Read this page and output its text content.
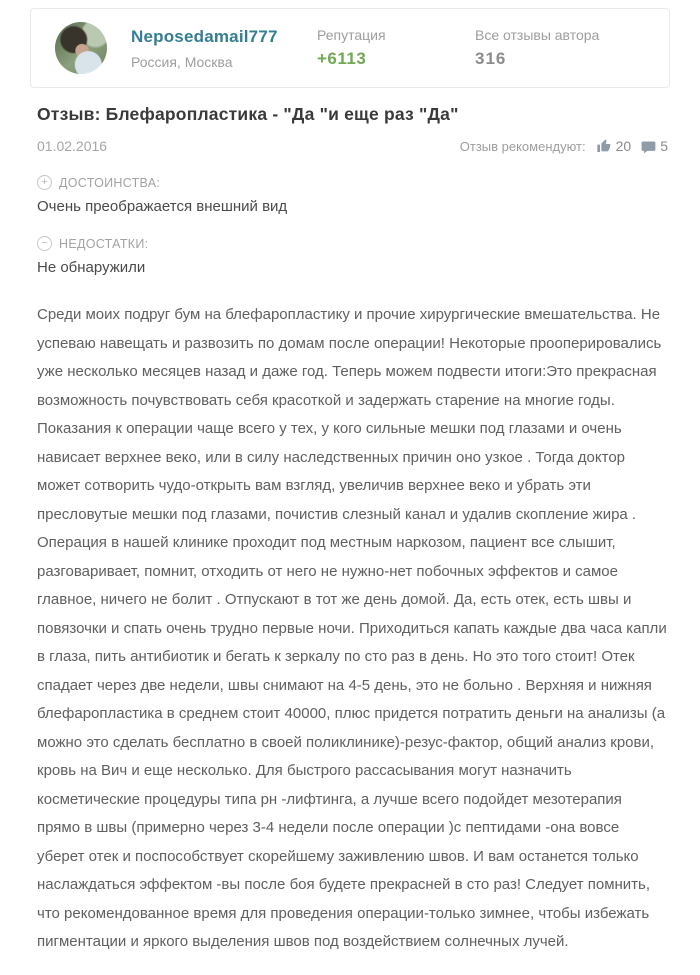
Neposedamail777
Россия, Москва
Репутация
+6113
Все отзывы автора
316
Отзыв: Блефаропластика - "Да "и еще раз "Да"
01.02.2016	Отзыв рекомендуют: 20 5
+ ДОСТОИНСТВА:
Очень преображается внешний вид
− НЕДОСТАТКИ:
Не обнаружили
Среди моих подруг бум на блефаропластику и прочие хирургические вмешательства. Не успеваю навещать и развозить по домам после операции! Некоторые прооперировались уже несколько месяцев назад и даже год. Теперь можем подвести итоги:Это прекрасная возможность почувствовать себя красоткой и задержать старение на многие годы. Показания к операции чаще всего у тех, у кого сильные мешки под глазами и очень нависает верхнее веко, или в силу наследственных причин оно узкое . Тогда доктор может сотворить чудо-открыть вам взгляд, увеличив верхнее веко и убрать эти пресловутые мешки под глазами, почистив слезный канал и удалив скопление жира . Операция в нашей клинике проходит под местным наркозом, пациент все слышит, разговаривает, помнит, отходить от него не нужно-нет побочных эффектов и самое главное, ничего не болит . Отпускают в тот же день домой. Да, есть отек, есть швы и повязочки и спать очень трудно первые ночи. Приходиться капать каждые два часа капли в глаза, пить антибиотик и бегать к зеркалу по сто раз в день. Но это того стоит! Отек спадает через две недели, швы снимают на 4-5 день, это не больно . Верхняя и нижняя блефаропластика в среднем стоит 40000, плюс придется потратить деньги на анализы (а можно это сделать бесплатно в своей поликлинике)-резус-фактор, общий анализ крови, кровь на Вич и еще несколько. Для быстрого рассасывания могут назначить косметические процедуры типа рн -лифтинга, а лучше всего подойдет мезотерапия прямо в швы (примерно через 3-4 недели после операции )с пептидами -она вовсе уберет отек и поспособствует скорейшему заживлению швов. И вам останется только наслаждаться эффектом -вы после боя будете прекрасней в сто раз! Следует помнить, что рекомендованное время для проведения операции-только зимнее, чтобы избежать пигментации и яркого выделения швов под воздействием солнечных лучей.
